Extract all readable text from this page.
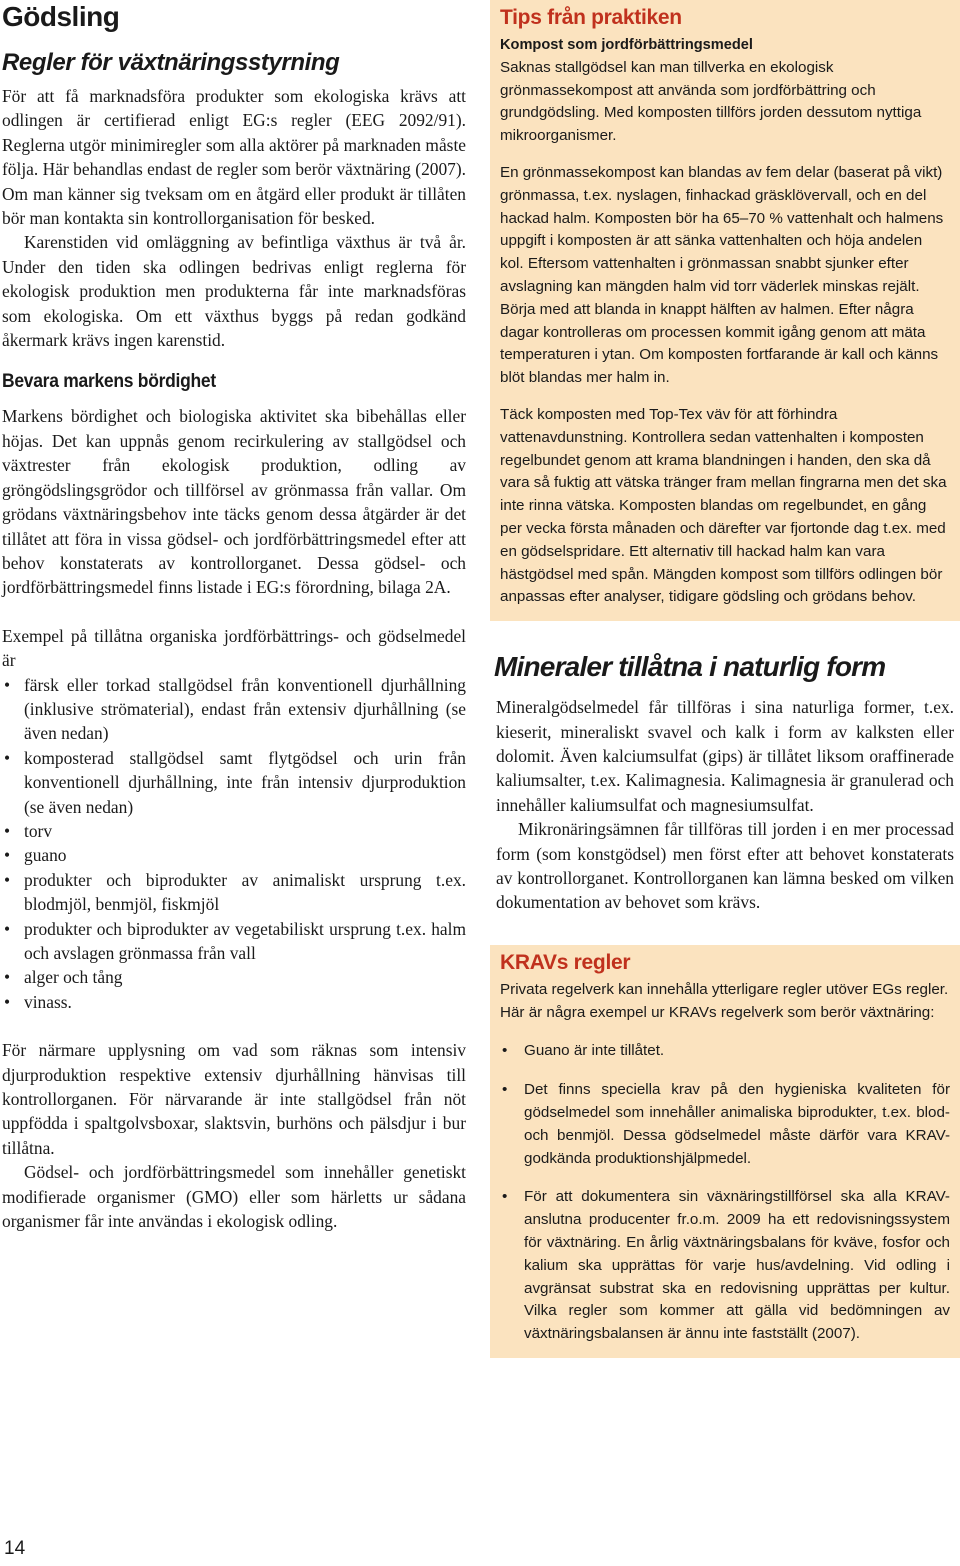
Gödsling
Regler för växtnäringsstyrning

För att få marknadsföra produkter som ekologiska krävs att odlingen är certifierad enligt EG:s regler (EEG 2092/91). Reglerna utgör minimiregler som alla aktörer på marknaden måste följa. Här behandlas endast de regler som berör växtnäring (2007). Om man känner sig tveksam om en åtgärd eller produkt är tillåten bör man kontakta sin kontrollorganisation för besked.

Karenstiden vid omläggning av befintliga växthus är två år. Under den tiden ska odlingen bedrivas enligt reglerna för ekologisk produktion men produkterna får inte marknadsföras som ekologiska. Om ett växthus byggs på redan godkänd åkermark krävs ingen karenstid.

Bevara markens bördighet

Markens bördighet och biologiska aktivitet ska bibehållas eller höjas. Det kan uppnås genom recirkulering av stallgödsel och växtrester från ekologisk produktion, odling av gröngödslingsgrödor och tillförsel av grönmassa från vallar. Om grödans växtnäringsbehov inte täcks genom dessa åtgärder är det tillåtet att föra in vissa gödsel- och jordförbättringsmedel efter att behov konstaterats av kontrollorganet. Dessa gödsel- och jordförbättringsmedel finns listade i EG:s förordning, bilaga 2A.

Exempel på tillåtna organiska jordförbättrings- och gödselmedel är

• färsk eller torkad stallgödsel från konventionell djurhållning (inklusive strömaterial), endast från extensiv djurhållning (se även nedan)
• komposterad stallgödsel samt flytgödsel och urin från konventionell djurhållning, inte från intensiv djurproduktion (se även nedan)
• torv
• guano
• produkter och biprodukter av animaliskt ursprung t.ex. blodmjöl, benmjöl, fiskmjöl
• produkter och biprodukter av vegetabiliskt ursprung t.ex. halm och avslagen grönmassa från vall
• alger och tång
• vinass.

För närmare upplysning om vad som räknas som intensiv djurproduktion respektive extensiv djurhållning hänvisas till kontrollorganen. För närvarande är inte stallgödsel från nöt uppfödda i spaltgolvsboxar, slaktsvin, burhöns och pälsdjur i bur tillåtna.

Gödsel- och jordförbättringsmedel som innehåller genetiskt modifierade organismer (GMO) eller som härletts ur sådana organismer får inte användas i ekologisk odling.

Tips från praktiken

Kompost som jordförbättringsmedel

Saknas stallgödsel kan man tillverka en ekologisk grönmassekompost att använda som jordförbättring och grundgödsling. Med komposten tillförs jorden dessutom nyttiga mikroorganismer.

En grönmassekompost kan blandas av fem delar (baserat på vikt) grönmassa, t.ex. nyslagen, finhackad gräsklövervall, och en del hackad halm. Komposten bör ha 65–70 % vattenhalt och halmens uppgift i komposten är att sänka vattenhalten och höja andelen kol. Eftersom vattenhalten i grönmassan snabbt sjunker efter avslagning kan mängden halm vid torr väderlek minskas rejält. Börja med att blanda in knappt hälften av halmen. Efter några dagar kontrolleras om processen kommit igång genom att mäta temperaturen i ytan. Om komposten fortfarande är kall och känns blöt blandas mer halm in.

Täck komposten med Top-Tex väv för att förhindra vattenavdunstning. Kontrollera sedan vattenhalten i komposten regelbundet genom att krama blandningen i handen, den ska då vara så fuktig att vätska tränger fram mellan fingrarna men det ska inte rinna vätska. Komposten blandas om regelbundet, en gång per vecka första månaden och därefter var fjortonde dag t.ex. med en gödselspridare. Ett alternativ till hackad halm kan vara hästgödsel med spån. Mängden kompost som tillförs odlingen bör anpassas efter analyser, tidigare gödsling och grödans behov.

Mineraler tillåtna i naturlig form

Mineralgödselmedel får tillföras i sina naturliga former, t.ex. kieserit, mineraliskt svavel och kalk i form av kalksten eller dolomit. Även kalciumsulfat (gips) är tillåtet liksom oraffinerade kaliumsalter, t.ex. Kalimagnesia. Kalimagnesia är granulerad och innehåller kaliumsulfat och magnesiumsulfat.

Mikronäringsämnen får tillföras till jorden i en mer processad form (som konstgödsel) men först efter att behovet konstaterats av kontrollorganet. Kontrollorganen kan lämna besked om vilken dokumentation av behovet som krävs.

KRAVs regler

Privata regelverk kan innehålla ytterligare regler utöver EGs regler. Här är några exempel ur KRAVs regelverk som berör växtnäring:

• Guano är inte tillåtet.
• Det finns speciella krav på den hygieniska kvaliteten för gödselmedel som innehåller animaliska biprodukter, t.ex. blod- och benmjöl. Dessa gödselmedel måste därför vara KRAV-godkända produktionshjälpmedel.
• För att dokumentera sin växnäringstillförsel ska alla KRAV-anslutna producenter fr.o.m. 2009 ha ett redovisningssystem för växtnäring. En årlig växtnäringsbalans för kväve, fosfor och kalium ska upprättas för varje hus/avdelning. Vid odling i avgränsat substrat ska en redovisning upprättas per kultur. Vilka regler som kommer att gälla vid bedömningen av växtnäringsbalansen är ännu inte fastställt (2007).
14
